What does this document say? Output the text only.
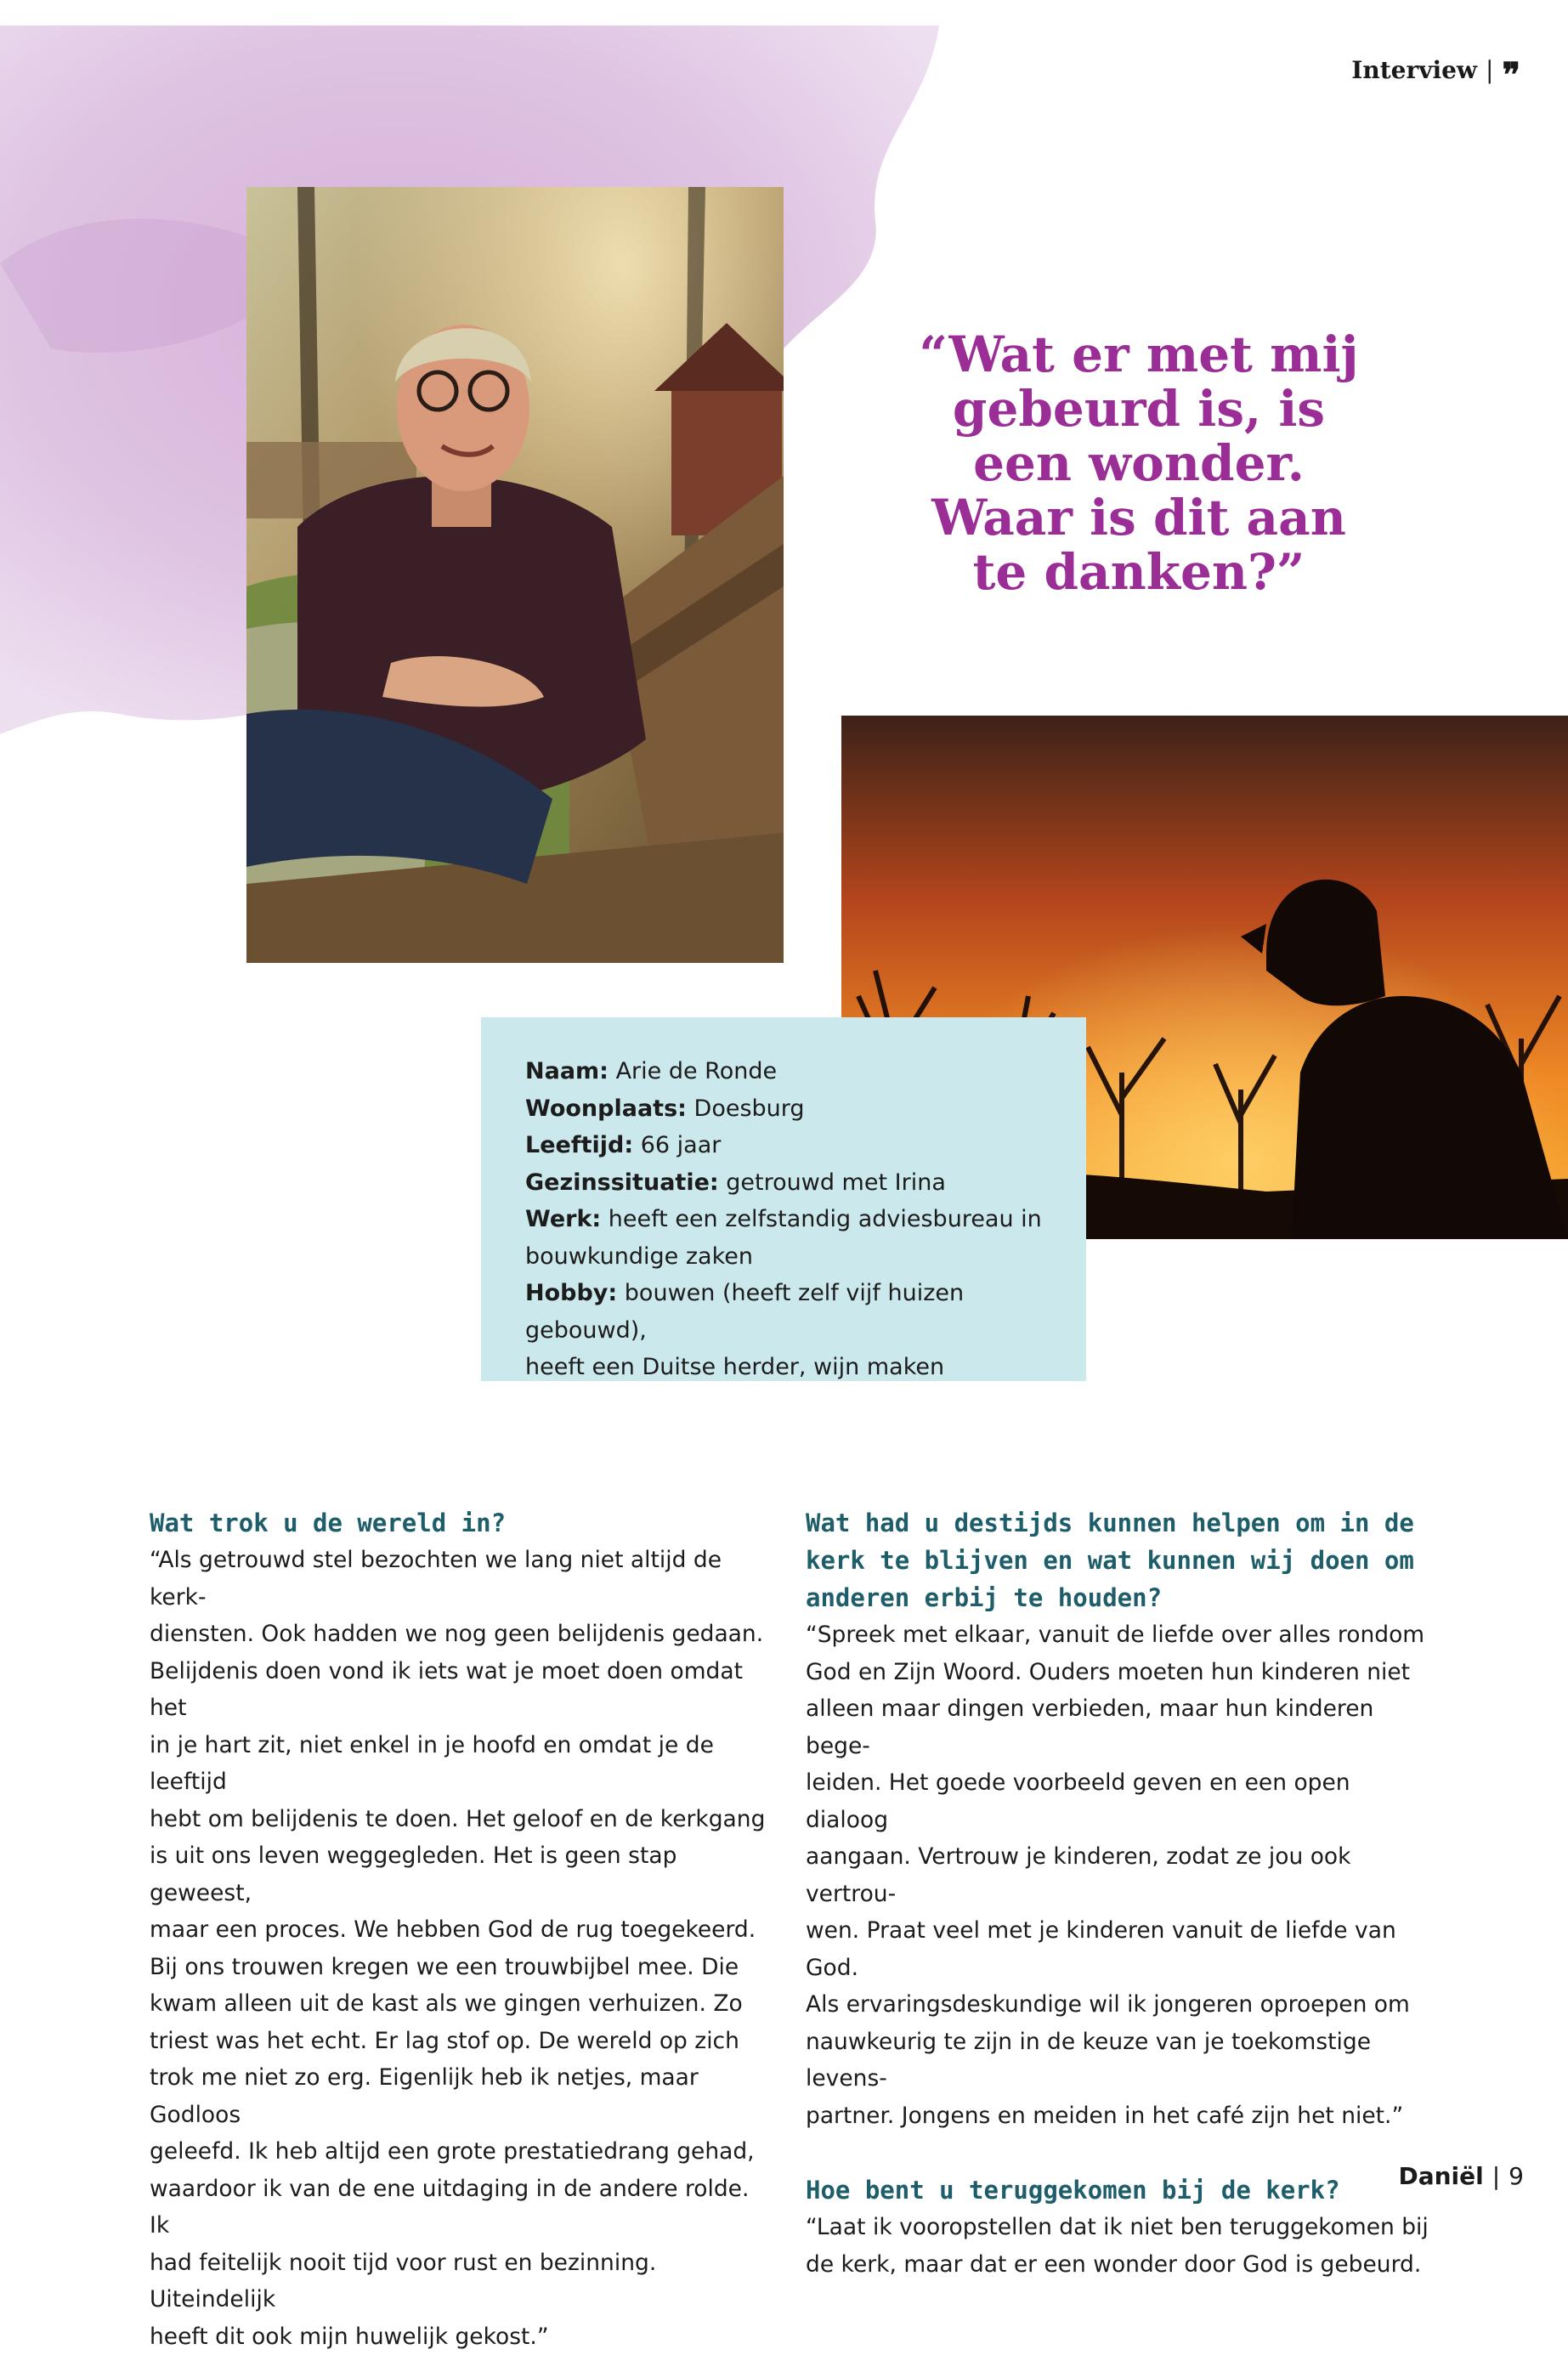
Interview | ❞
“Wat er met mij gebeurd is, is een wonder. Waar is dit aan te danken?”
Naam: Arie de Ronde
Woonplaats: Doesburg
Leeftijd: 66 jaar
Gezinssituatie: getrouwd met Irina
Werk: heeft een zelfstandig adviesbureau in
bouwkundige zaken
Hobby: bouwen (heeft zelf vijf huizen gebouwd),
heeft een Duitse herder, wijn maken

Wat trok u de wereld in?

“Als getrouwd stel bezochten we lang niet altijd de kerk-

diensten. Ook hadden we nog geen belijdenis gedaan.

Belijdenis doen vond ik iets wat je moet doen omdat het

in je hart zit, niet enkel in je hoofd en omdat je de leeftijd

hebt om belijdenis te doen. Het geloof en de kerkgang

is uit ons leven weggegleden. Het is geen stap geweest,

maar een proces. We hebben God de rug toegekeerd.

Bij ons trouwen kregen we een trouwbijbel mee. Die

kwam alleen uit de kast als we gingen verhuizen. Zo

triest was het echt. Er lag stof op. De wereld op zich

trok me niet zo erg. Eigenlijk heb ik netjes, maar Godloos

geleefd. Ik heb altijd een grote prestatiedrang gehad,

waardoor ik van de ene uitdaging in de andere rolde. Ik

had feitelijk nooit tijd voor rust en bezinning. Uiteindelijk

heeft dit ook mijn huwelijk gekost.”

Wat had u destijds kunnen helpen om in de

kerk te blijven en wat kunnen wij doen om

anderen erbij te houden?

“Spreek met elkaar, vanuit de liefde over alles rondom

God en Zijn Woord. Ouders moeten hun kinderen niet

alleen maar dingen verbieden, maar hun kinderen bege-

leiden. Het goede voorbeeld geven en een open dialoog

aangaan. Vertrouw je kinderen, zodat ze jou ook vertrou-

wen. Praat veel met je kinderen vanuit de liefde van God.

Als ervaringsdeskundige wil ik jongeren oproepen om

nauwkeurig te zijn in de keuze van je toekomstige levens-

partner. Jongens en meiden in het café zijn het niet.”

Hoe bent u teruggekomen bij de kerk?

“Laat ik vooropstellen dat ik niet ben teruggekomen bij

de kerk, maar dat er een wonder door God is gebeurd.

Daniël | 9
